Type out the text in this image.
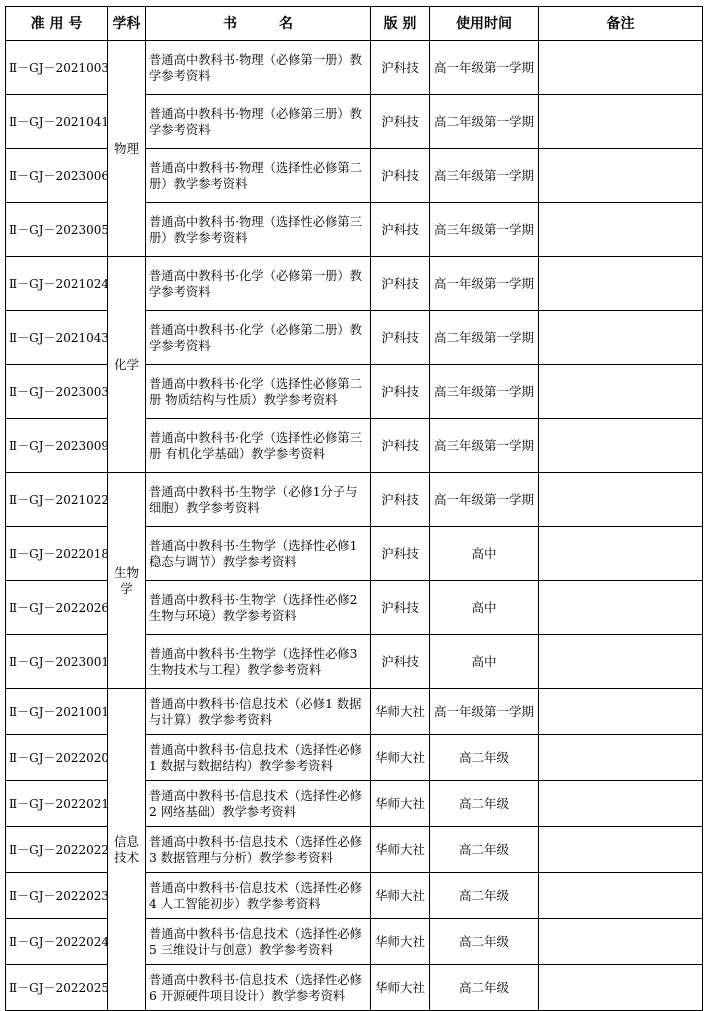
准 用 号	学科	书　　　名	版 别	使用时间	备注
Ⅱ－GJ－2021003	物理	普通高中教科书·物理（必修第一册）教学参考资料	沪科技	高一年级第一学期	
Ⅱ－GJ－2021041		普通高中教科书·物理（必修第三册）教学参考资料	沪科技	高二年级第一学期	
Ⅱ－GJ－2023006		普通高中教科书·物理（选择性必修第二册）教学参考资料	沪科技	高三年级第一学期	
Ⅱ－GJ－2023005		普通高中教科书·物理（选择性必修第三册）教学参考资料	沪科技	高三年级第一学期	
Ⅱ－GJ－2021024	化学	普通高中教科书·化学（必修第一册）教学参考资料	沪科技	高一年级第一学期	
Ⅱ－GJ－2021043		普通高中教科书·化学（必修第二册）教学参考资料	沪科技	高二年级第一学期	
Ⅱ－GJ－2023003		普通高中教科书·化学（选择性必修第二册 物质结构与性质）教学参考资料	沪科技	高三年级第一学期	
Ⅱ－GJ－2023009		普通高中教科书·化学（选择性必修第三册 有机化学基础）教学参考资料	沪科技	高三年级第一学期	
Ⅱ－GJ－2021022	生物学	普通高中教科书·生物学（必修1分子与细胞）教学参考资料	沪科技	高一年级第一学期	
Ⅱ－GJ－2022018		普通高中教科书·生物学（选择性必修1稳态与调节）教学参考资料	沪科技	高中	
Ⅱ－GJ－2022026		普通高中教科书·生物学（选择性必修2生物与环境）教学参考资料	沪科技	高中	
Ⅱ－GJ－2023001		普通高中教科书·生物学（选择性必修3 生物技术与工程）教学参考资料	沪科技	高中	
Ⅱ－GJ－2021001	信息技术	普通高中教科书·信息技术（必修1 数据与计算）教学参考资料	华师大社	高一年级第一学期	
Ⅱ－GJ－2022020		普通高中教科书·信息技术（选择性必修1 数据与数据结构）教学参考资料	华师大社	高二年级	
Ⅱ－GJ－2022021		普通高中教科书·信息技术（选择性必修2 网络基础）教学参考资料	华师大社	高二年级	
Ⅱ－GJ－2022022		普通高中教科书·信息技术（选择性必修3 数据管理与分析）教学参考资料	华师大社	高二年级	
Ⅱ－GJ－2022023		普通高中教科书·信息技术（选择性必修4 人工智能初步）教学参考资料	华师大社	高二年级	
Ⅱ－GJ－2022024		普通高中教科书·信息技术（选择性必修5 三维设计与创意）教学参考资料	华师大社	高二年级	
Ⅱ－GJ－2022025		普通高中教科书·信息技术（选择性必修6 开源硬件项目设计）教学参考资料	华师大社	高二年级	
